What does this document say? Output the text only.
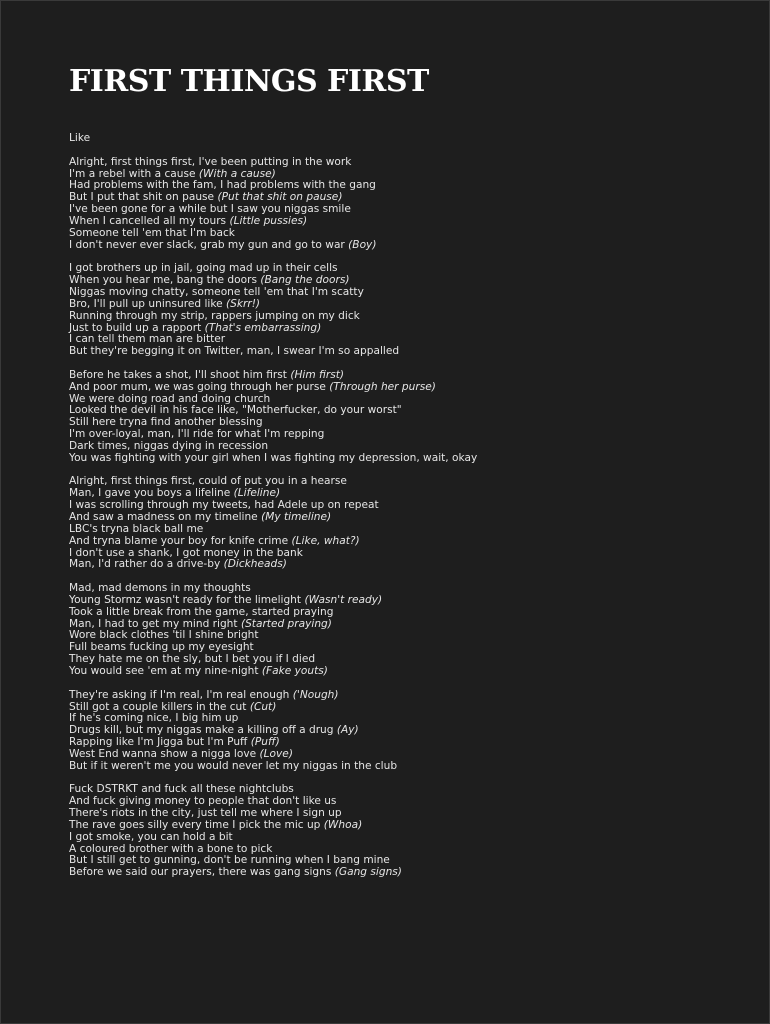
FIRST THINGS FIRST

Like

Alright, first things first, I've been putting in the work
I'm a rebel with a cause (With a cause)
Had problems with the fam, I had problems with the gang
But I put that shit on pause (Put that shit on pause)
I've been gone for a while but I saw you niggas smile
When I cancelled all my tours (Little pussies)
Someone tell 'em that I'm back
I don't never ever slack, grab my gun and go to war (Boy)

I got brothers up in jail, going mad up in their cells
When you hear me, bang the doors (Bang the doors)
Niggas moving chatty, someone tell 'em that I'm scatty
Bro, I'll pull up uninsured like (Skrr!)
Running through my strip, rappers jumping on my dick
Just to build up a rapport (That's embarrassing)
I can tell them man are bitter
But they're begging it on Twitter, man, I swear I'm so appalled

Before he takes a shot, I'll shoot him first (Him first)
And poor mum, we was going through her purse (Through her purse)
We were doing road and doing church
Looked the devil in his face like, "Motherfucker, do your worst"
Still here tryna find another blessing
I'm over-loyal, man, I'll ride for what I'm repping
Dark times, niggas dying in recession
You was fighting with your girl when I was fighting my depression, wait, okay

Alright, first things first, could of put you in a hearse
Man, I gave you boys a lifeline (Lifeline)
I was scrolling through my tweets, had Adele up on repeat
And saw a madness on my timeline (My timeline)
LBC's tryna black ball me
And tryna blame your boy for knife crime (Like, what?)
I don't use a shank, I got money in the bank
Man, I'd rather do a drive-by (Dickheads)

Mad, mad demons in my thoughts
Young Stormz wasn't ready for the limelight (Wasn't ready)
Took a little break from the game, started praying
Man, I had to get my mind right (Started praying)
Wore black clothes 'til I shine bright
Full beams fucking up my eyesight
They hate me on the sly, but I bet you if I died
You would see 'em at my nine-night (Fake youts)

They're asking if I'm real, I'm real enough ('Nough)
Still got a couple killers in the cut (Cut)
If he's coming nice, I big him up
Drugs kill, but my niggas make a killing off a drug (Ay)
Rapping like I'm Jigga but I'm Puff (Puff)
West End wanna show a nigga love (Love)
But if it weren't me you would never let my niggas in the club

Fuck DSTRKT and fuck all these nightclubs
And fuck giving money to people that don't like us
There's riots in the city, just tell me where I sign up
The rave goes silly every time I pick the mic up (Whoa)
I got smoke, you can hold a bit
A coloured brother with a bone to pick
But I still get to gunning, don't be running when I bang mine
Before we said our prayers, there was gang signs (Gang signs)
